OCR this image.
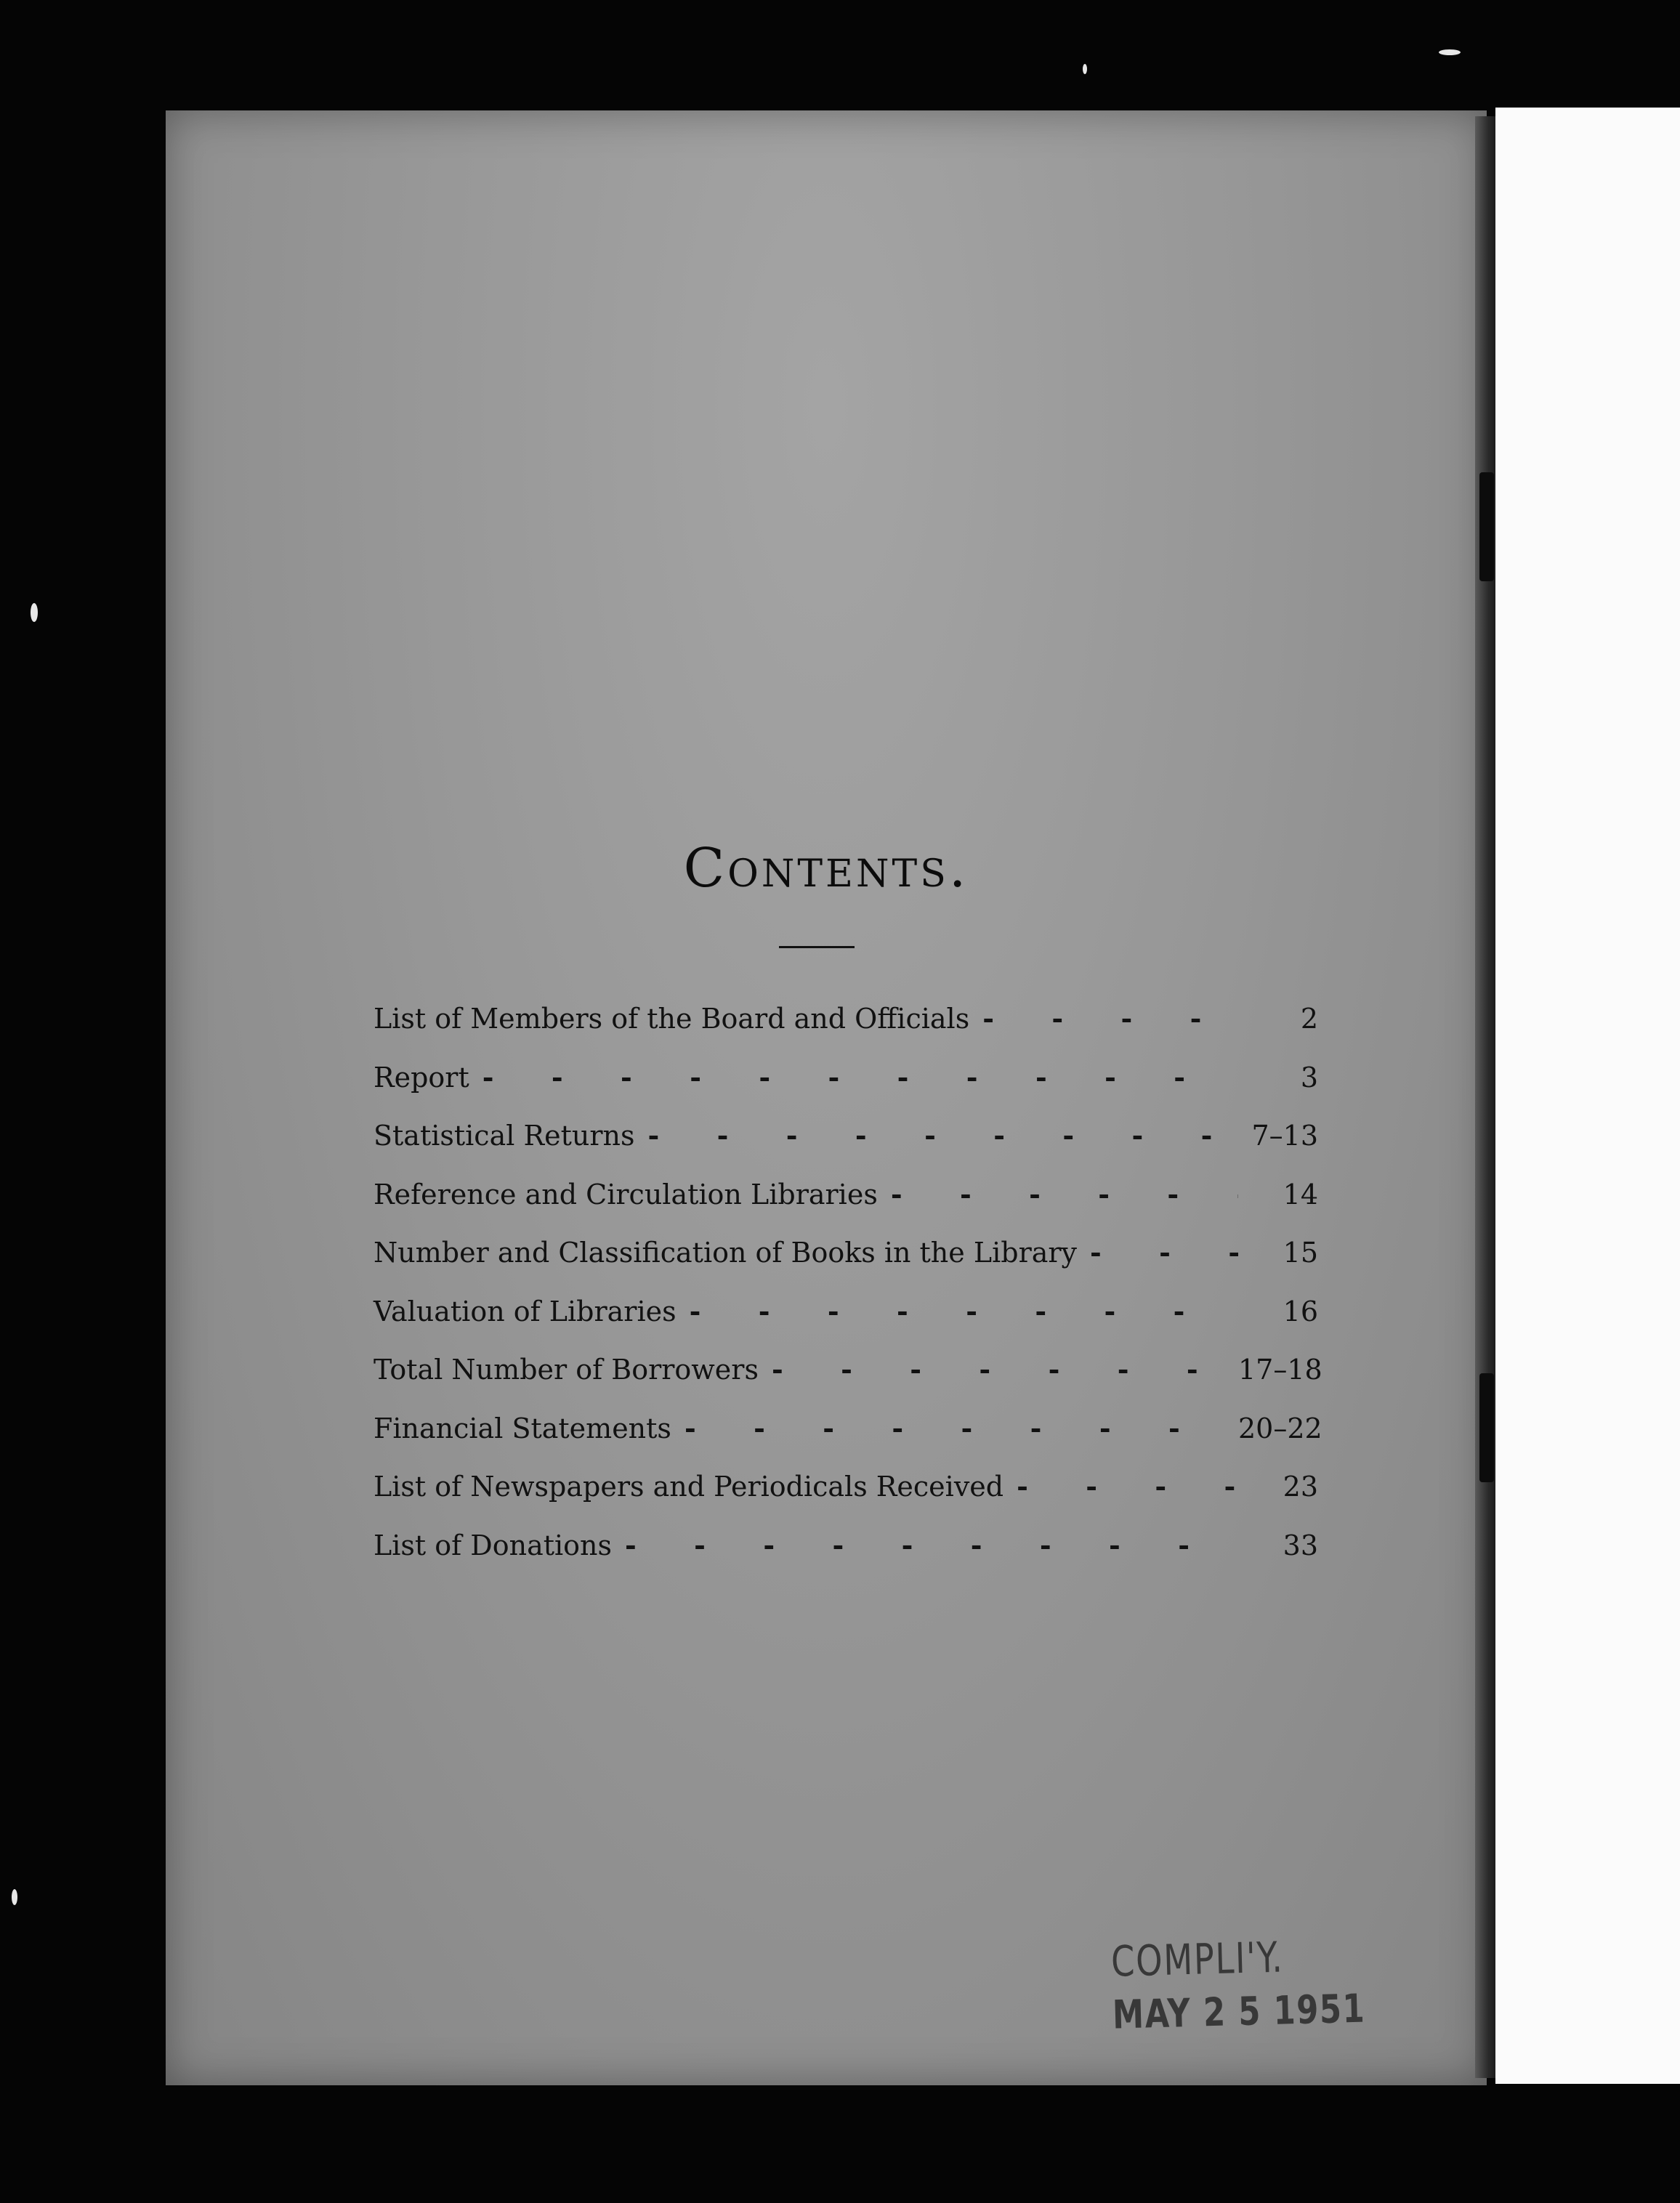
Contents.
List of Members of the Board and Officials -	2
Report -	3
Statistical Returns -	7–13
Reference and Circulation Libraries -	14
Number and Classification of Books in the Library -	15
Valuation of Libraries -	16
Total Number of Borrowers -	17–18
Financial Statements -	20–22
List of Newspapers and Periodicals Received -	23
List of Donations -	33
COMPLI'Y.
MAY 2 5 1951
